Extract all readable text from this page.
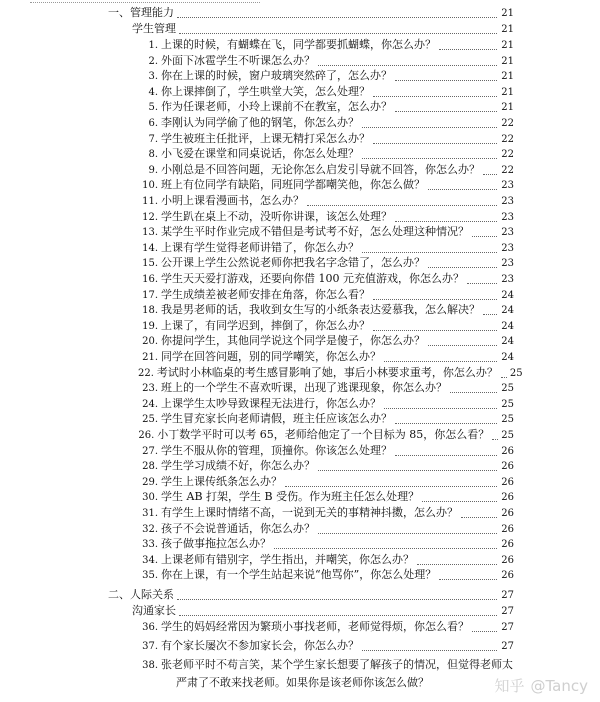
一、管理能力	21
学生管理	21
1. 上课的时候，有蝴蝶在飞，同学都要抓蝴蝶，你怎么办？	21
2. 外面下冰雹学生不听课怎么办？	21
3. 你在上课的时候，窗户玻璃突然碎了，怎么办？	21
4. 你上课摔倒了，学生哄堂大笑，怎么处理？	21
5. 作为任课老师，小玲上课前不在教室，怎么办？	21
6. 李刚认为同学偷了他的钢笔，你怎么办？	22
7. 学生被班主任批评，上课无精打采怎么办？	22
8. 小飞爱在课堂和同桌说话，你怎么处理？	22
9. 小刚总是不回答问题，无论你怎么启发引导就不回答，你怎么办？ 22
10. 班上有位同学有缺陷，同班同学都嘲笑他，你怎么做？	23
11. 小明上课看漫画书，怎么办？	23
12. 学生趴在桌上不动，没听你讲课，该怎么处理？	23
13. 某学生平时作业完成不错但是考试考不好，怎么处理这种情况？	23
14. 上课有学生觉得老师讲错了，你怎么办？	23
15. 公开课上学生公然说老师你把我名字念错了，怎么办？	23
16. 学生天天爱打游戏，还要向你借 100 元充值游戏，你怎么办？	23
17. 学生成绩差被老师安排在角落，你怎么看？	24
18. 我是男老师的话，我收到女生写的小纸条表达爱慕我，怎么解决？ 24
19. 上课了，有同学迟到，摔倒了，你怎么办？	24
20. 你提问学生，其他同学说这个同学是傻子，你怎么办？	24
21. 同学在回答问题，别的同学嘲笑，你怎么办？	24
22. 考试时小林临桌的考生感冒影响了她，事后小林要求重考，你怎么办？ 25
23. 班上的一个学生不喜欢听课，出现了逃课现象，你怎么办？	25
24. 上课学生太吵导致课程无法进行，你怎么办？	25
25. 学生冒充家长向老师请假，班主任应该怎么办？	25
26. 小丁数学平时可以考 65，老师给他定了一个目标为 85，你怎么看？ 25
27. 学生不服从你的管理，顶撞你。你该怎么处理？	26
28. 学生学习成绩不好，你怎么办？	26
29. 学生上课传纸条怎么办？	26
30. 学生 AB 打架，学生 B 受伤。作为班主任怎么处理？	26
31. 有学生上课时情绪不高，一说到无关的事精神抖擞，怎么办？	26
32. 孩子不会说普通话，你怎么办？	26
33. 孩子做事拖拉怎么办？	26
34. 上课老师有错别字，学生指出，并嘲笑，你怎么办？	26
35. 你在上课，有一个学生站起来说“他骂你”，你怎么处理？	26
二、人际关系	27
沟通家长	27
36. 学生的妈妈经常因为繁琐小事找老师，老师觉得烦，你怎么看？	27
37. 有个家长屡次不参加家长会，你怎么办？	27
38. 张老师平时不苟言笑，某个学生家长想要了解孩子的情况，但觉得老师太
严肃了不敢来找老师。如果你是该老师你该怎么做？	知乎 @Tancy
